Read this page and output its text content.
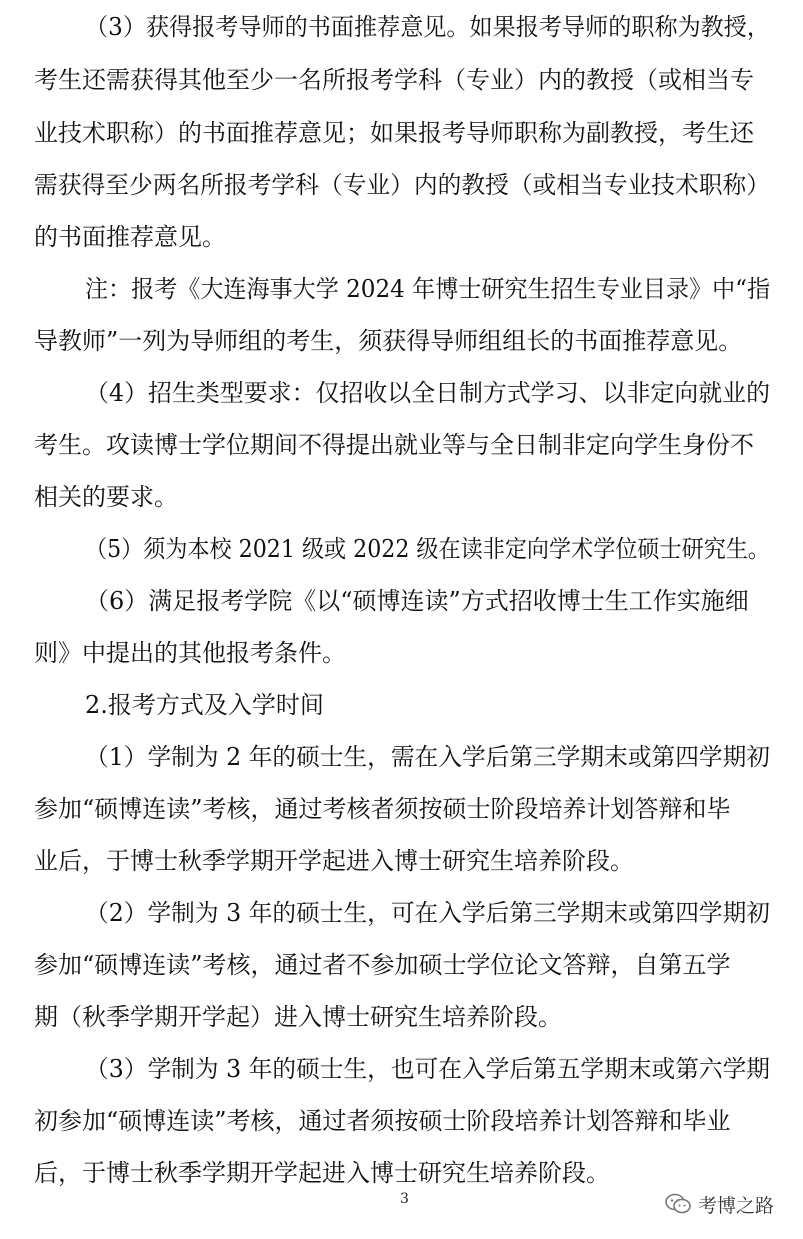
（3）获得报考导师的书面推荐意见。如果报考导师的职称为教授，
考生还需获得其他至少一名所报考学科（专业）内的教授（或相当专
业技术职称）的书面推荐意见；如果报考导师职称为副教授，考生还
需获得至少两名所报考学科（专业）内的教授（或相当专业技术职称）
的书面推荐意见。
注：报考《大连海事大学 2024 年博士研究生招生专业目录》中“指
导教师”一列为导师组的考生，须获得导师组组长的书面推荐意见。
（4）招生类型要求：仅招收以全日制方式学习、以非定向就业的
考生。攻读博士学位期间不得提出就业等与全日制非定向学生身份不
相关的要求。
（5）须为本校 2021 级或 2022 级在读非定向学术学位硕士研究生。
（6）满足报考学院《以“硕博连读”方式招收博士生工作实施细
则》中提出的其他报考条件。
2.报考方式及入学时间
（1）学制为 2 年的硕士生，需在入学后第三学期末或第四学期初
参加“硕博连读”考核，通过考核者须按硕士阶段培养计划答辩和毕
业后，于博士秋季学期开学起进入博士研究生培养阶段。
（2）学制为 3 年的硕士生，可在入学后第三学期末或第四学期初
参加“硕博连读”考核，通过者不参加硕士学位论文答辩，自第五学
期（秋季学期开学起）进入博士研究生培养阶段。
（3）学制为 3 年的硕士生，也可在入学后第五学期末或第六学期
初参加“硕博连读”考核，通过者须按硕士阶段培养计划答辩和毕业
后，于博士秋季学期开学起进入博士研究生培养阶段。
3	考博之路
